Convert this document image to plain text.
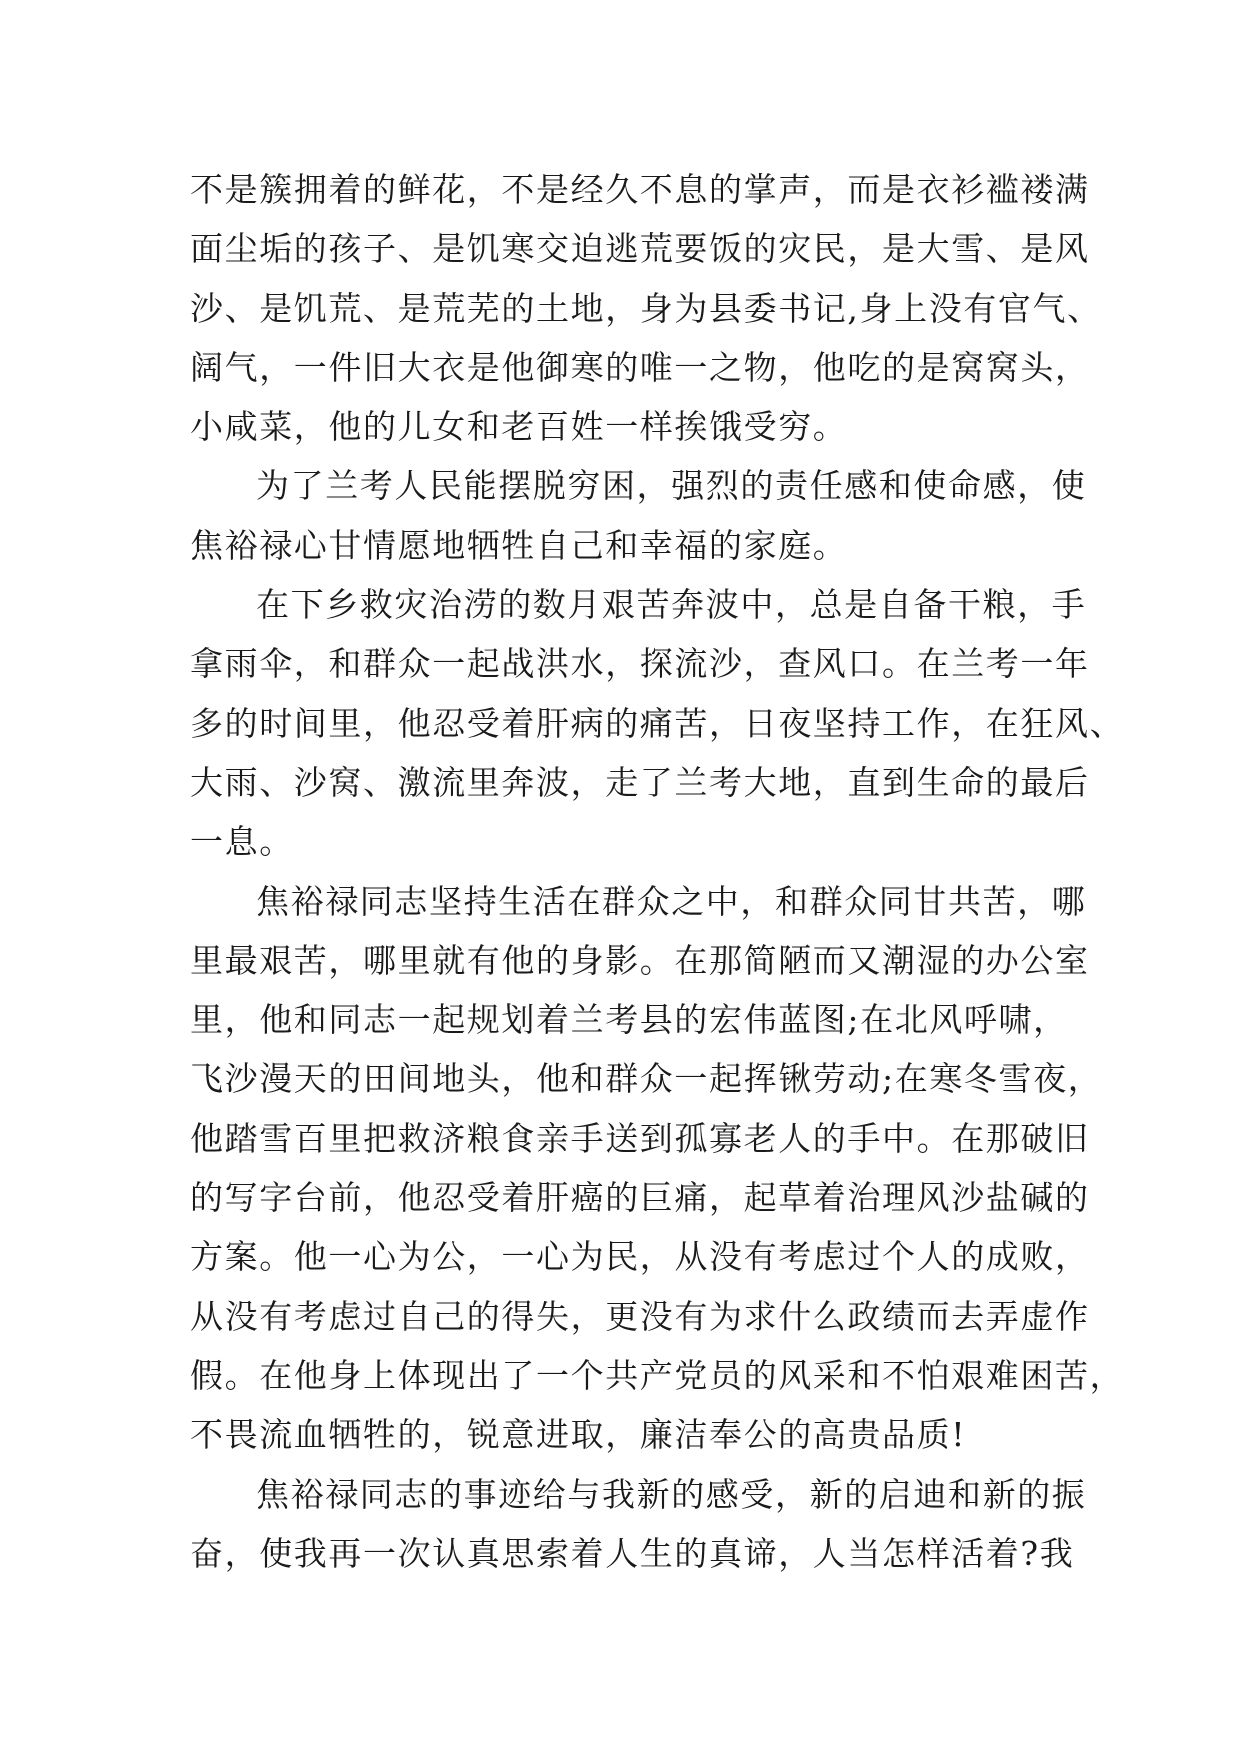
不是簇拥着的鲜花，不是经久不息的掌声，而是衣衫褴褛满
面尘垢的孩子、是饥寒交迫逃荒要饭的灾民，是大雪、是风
沙、是饥荒、是荒芜的土地，身为县委书记,身上没有官气、
阔气，一件旧大衣是他御寒的唯一之物，他吃的是窝窝头，
小咸菜，他的儿女和老百姓一样挨饿受穷。
为了兰考人民能摆脱穷困，强烈的责任感和使命感，使
焦裕禄心甘情愿地牺牲自己和幸福的家庭。
在下乡救灾治涝的数月艰苦奔波中，总是自备干粮，手
拿雨伞，和群众一起战洪水，探流沙，查风口。在兰考一年
多的时间里，他忍受着肝病的痛苦，日夜坚持工作，在狂风、
大雨、沙窝、激流里奔波，走了兰考大地，直到生命的最后
一息。
焦裕禄同志坚持生活在群众之中，和群众同甘共苦，哪
里最艰苦，哪里就有他的身影。在那简陋而又潮湿的办公室
里，他和同志一起规划着兰考县的宏伟蓝图;在北风呼啸，
飞沙漫天的田间地头，他和群众一起挥锹劳动;在寒冬雪夜，
他踏雪百里把救济粮食亲手送到孤寡老人的手中。在那破旧
的写字台前，他忍受着肝癌的巨痛，起草着治理风沙盐碱的
方案。他一心为公，一心为民，从没有考虑过个人的成败，
从没有考虑过自己的得失，更没有为求什么政绩而去弄虚作
假。在他身上体现出了一个共产党员的风采和不怕艰难困苦，
不畏流血牺牲的，锐意进取，廉洁奉公的高贵品质!
焦裕禄同志的事迹给与我新的感受，新的启迪和新的振
奋，使我再一次认真思索着人生的真谛，人当怎样活着?我
